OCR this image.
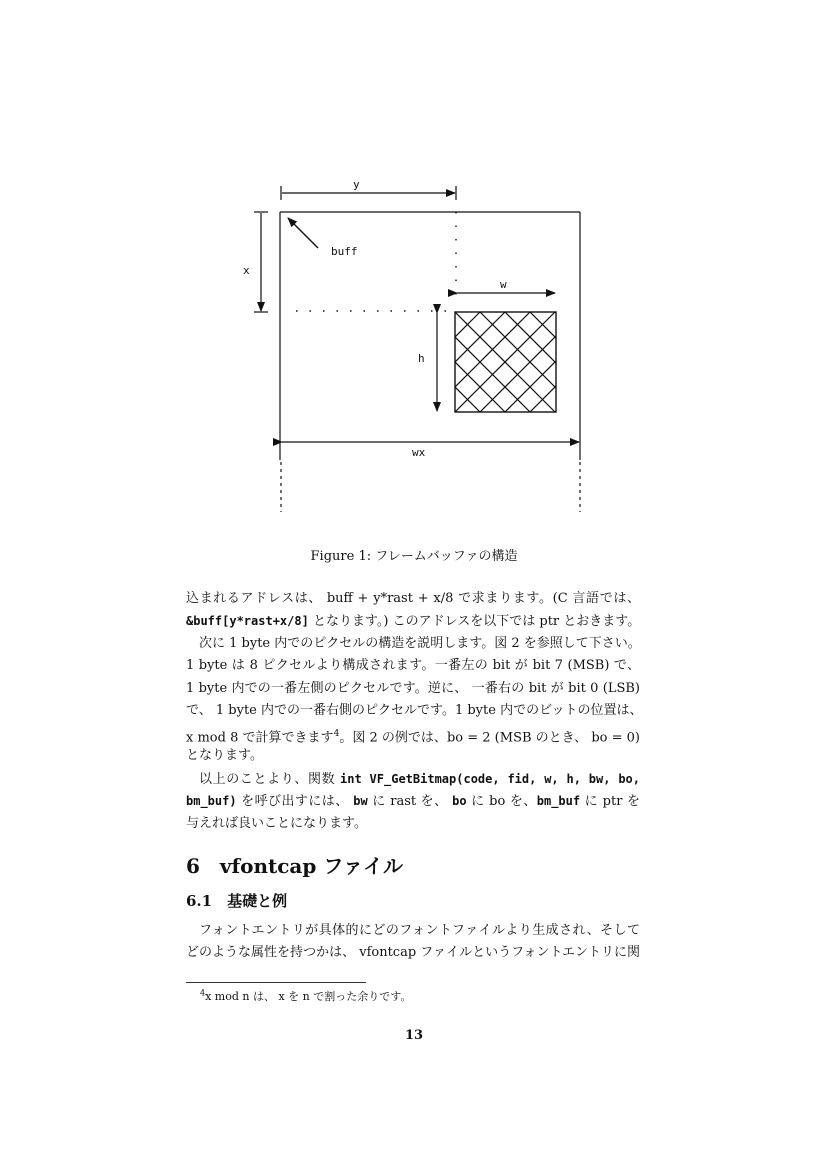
y
x
buff
w
h
wx
Figure 1: フレームバッファの構造
込まれるアドレスは、 buff + y*rast + x/8 で求まります。(C 言語では、
&buff[y*rast+x/8] となります。) このアドレスを以下では ptr とおきます。
次に 1 byte 内でのピクセルの構造を説明します。図 2 を参照して下さい。
1 byte は 8 ピクセルより構成されます。一番左の bit が bit 7 (MSB) で、
1 byte 内での一番左側のピクセルです。逆に、 一番右の bit が bit 0 (LSB)
で、 1 byte 内での一番右側のピクセルです。1 byte 内でのビットの位置は、
x mod 8 で計算できます$^4$。図 2 の例では、bo = 2 (MSB のとき、 bo = 0)
となります。
以上のことより、関数 int VF_GetBitmap(code, fid, w, h, bw, bo,
bm_buf) を呼び出すには、 bw に rast を、 bo に bo を、bm_buf に ptr を
与えれば良いことになります。
6　vfontcap ファイル
6.1　基礎と例
フォントエントリが具体的にどのフォントファイルより生成され、そして
どのような属性を持つかは、 vfontcap ファイルというフォントエントリに関
$^4$x mod n は、 x を n で割った余りです。
13
